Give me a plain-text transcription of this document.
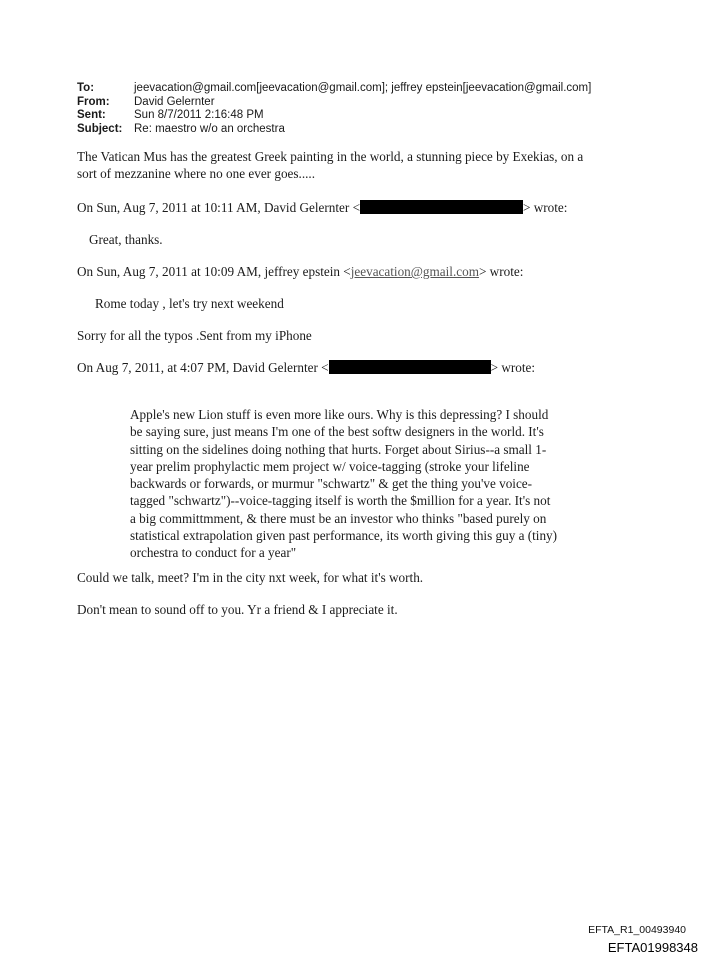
To:	jeevacation@gmail.com[jeevacation@gmail.com]; jeffrey epstein[jeevacation@gmail.com]
From:	David Gelernter
Sent:	Sun 8/7/2011 2:16:48 PM
Subject:	Re: maestro w/o an orchestra
The Vatican Mus has the greatest Greek painting in the world, a stunning piece by Exekias, on a
sort of mezzanine where no one ever goes.....
On Sun, Aug 7, 2011 at 10:11 AM, David Gelernter <	> wrote:
Great, thanks.
On Sun, Aug 7, 2011 at 10:09 AM, jeffrey epstein <jeevacation@gmail.com> wrote:
Rome today , let's try next weekend
Sorry for all the typos .Sent from my iPhone
On Aug 7, 2011, at 4:07 PM, David Gelernter <	> wrote:
Apple's new Lion stuff is even more like ours. Why is this depressing? I should
be saying sure, just means I'm one of the best softw designers in the world. It's
sitting on the sidelines doing nothing that hurts. Forget about Sirius--a small 1-
year prelim prophylactic mem project w/ voice-tagging (stroke your lifeline
backwards or forwards, or murmur "schwartz" & get the thing you've voice-
tagged "schwartz")--voice-tagging itself is worth the $million for a year. It's not
a big committmment, & there must be an investor who thinks "based purely on
statistical extrapolation given past performance, its worth giving this guy a (tiny)
orchestra to conduct for a year"
Could we talk, meet? I'm in the city nxt week, for what it's worth.
Don't mean to sound off to you. Yr a friend & I appreciate it.
EFTA_R1_00493940
EFTA01998348
